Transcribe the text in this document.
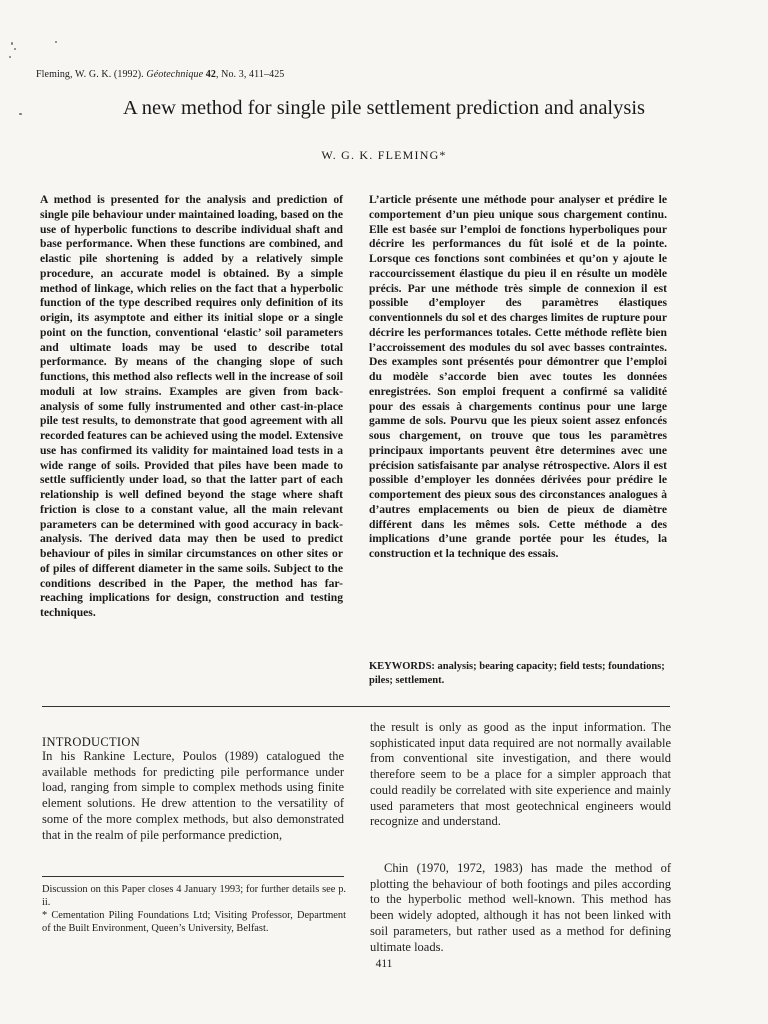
Fleming, W. G. K. (1992). Géotechnique 42, No. 3, 411–425
A new method for single pile settlement prediction and analysis
W. G. K. FLEMING*

A method is presented for the analysis and prediction of single pile behaviour under maintained loading, based on the use of hyperbolic functions to describe individual shaft and base performance. When these functions are combined, and elastic pile shortening is added by a relatively simple procedure, an accurate model is obtained. By a simple method of linkage, which relies on the fact that a hyperbolic function of the type described requires only definition of its origin, its asymptote and either its initial slope or a single point on the function, conventional ‘elastic’ soil parameters and ultimate loads may be used to describe total performance. By means of the changing slope of such functions, this method also reflects well in the increase of soil moduli at low strains. Examples are given from back-analysis of some fully instrumented and other cast-in-place pile test results, to demonstrate that good agreement with all recorded features can be achieved using the model. Extensive use has confirmed its validity for maintained load tests in a wide range of soils. Provided that piles have been made to settle sufficiently under load, so that the latter part of each relationship is well defined beyond the stage where shaft friction is close to a constant value, all the main relevant parameters can be determined with good accuracy in back-analysis. The derived data may then be used to predict behaviour of piles in similar circumstances on other sites or of piles of different diameter in the same soils. Subject to the conditions described in the Paper, the method has far-reaching implications for design, construction and testing techniques.

L’article présente une méthode pour analyser et prédire le comportement d’un pieu unique sous chargement continu. Elle est basée sur l’emploi de fonctions hyperboliques pour décrire les performances du fût isolé et de la pointe. Lorsque ces fonctions sont combinées et qu’on y ajoute le raccourcissement élastique du pieu il en résulte un modèle précis. Par une méthode très simple de connexion il est possible d’employer des paramètres élastiques conventionnels du sol et des charges limites de rupture pour décrire les performances totales. Cette méthode reflète bien l’accroissement des modules du sol avec basses contraintes. Des examples sont présentés pour démontrer que l’emploi du modèle s’accorde bien avec toutes les données enregistrées. Son emploi frequent a confirmé sa validité pour des essais à chargements continus pour une large gamme de sols. Pourvu que les pieux soient assez enfoncés sous chargement, on trouve que tous les paramètres principaux importants peuvent être determines avec une précision satisfaisante par analyse rétrospective. Alors il est possible d’employer les données dérivées pour prédire le comportement des pieux sous des circonstances analogues à d’autres emplacements ou bien de pieux de diamètre différent dans les mêmes sols. Cette méthode a des implications d’une grande portée pour les études, la construction et la technique des essais.

KEYWORDS: analysis; bearing capacity; field tests; foundations; piles; settlement.

INTRODUCTION

In his Rankine Lecture, Poulos (1989) catalogued the available methods for predicting pile performance under load, ranging from simple to complex methods using finite element solutions. He drew attention to the versatility of some of the more complex methods, but also demonstrated that in the realm of pile performance prediction,

the result is only as good as the input information. The sophisticated input data required are not normally available from conventional site investigation, and there would therefore seem to be a place for a simpler approach that could readily be correlated with site experience and mainly used parameters that most geotechnical engineers would recognize and understand.

Chin (1970, 1972, 1983) has made the method of plotting the behaviour of both footings and piles according to the hyperbolic method well-known. This method has been widely adopted, although it has not been linked with soil parameters, but rather used as a method for defining ultimate loads.

Discussion on this Paper closes 4 January 1993; for further details see p. ii.

* Cementation Piling Foundations Ltd; Visiting Professor, Department of the Built Environment, Queen’s University, Belfast.

411
